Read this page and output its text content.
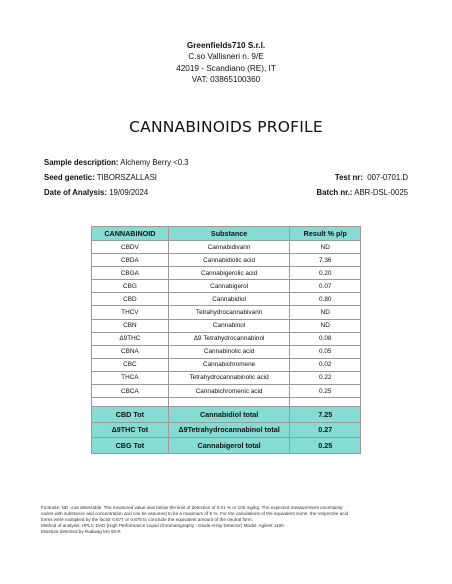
Greenfields710 S.r.l.
C.so Vallisneri n. 9/E
42019 - Scandiano (RE), IT
VAT: 03865100360
CANNABINOIDS PROFILE
Sample description: Alchemy Berry <0.3
Seed genetic: TIBORSZALLASI	Test nr: 007-0701.D
Date of Analysis: 19/09/2024	Batch nr.: ABR-DSL-0025
CANNABINOID	Substance	Result % p/p
CBDV	Cannabidivarin	ND
CBDA	Cannabidiolic acid	7.36
CBGA	Cannabigerolic acid	0.20
CBG	Cannabigerol	0.07
CBD	Cannabidiol	0.80
THCV	Tetrahydrocannabivarin	ND
CBN	Cannabinol	ND
Δ9THC	Δ9 Tetrahydrocannabinol	0.08
CBNA	Cannabinolic acid	0.05
CBC	Cannabichromene	0.02
THCA	Tetrahydrocannabinolic acid	0.22
CBCA	Cannabichromenic acid	0.25

CBD Tot	Cannabidiol total	7.25
Δ9THC Tot	Δ9Tetrahydrocannabinol total	0.27
CBG Tot	Cannabigerol total	0.25
Footnote: ND =not detectable. The measured value was below the limit of detection of 0.01 % or 100 mg/kg. The expected measurement uncertainty
varies with substance and concentration and can be assumed to be a maximum of 5 %. For the calculations of the equivalent sume, the respective acid
forms were multiplied by the factor 0.877 or 0.878 to conclude the equivalent amount of the neutral form.
Method of analysis: HPLC-DAD (High Performance Liquid Chromatography - Diode Array Detector) Model: Agilent 1100
Moisture detected by Radwag MA 50.R
